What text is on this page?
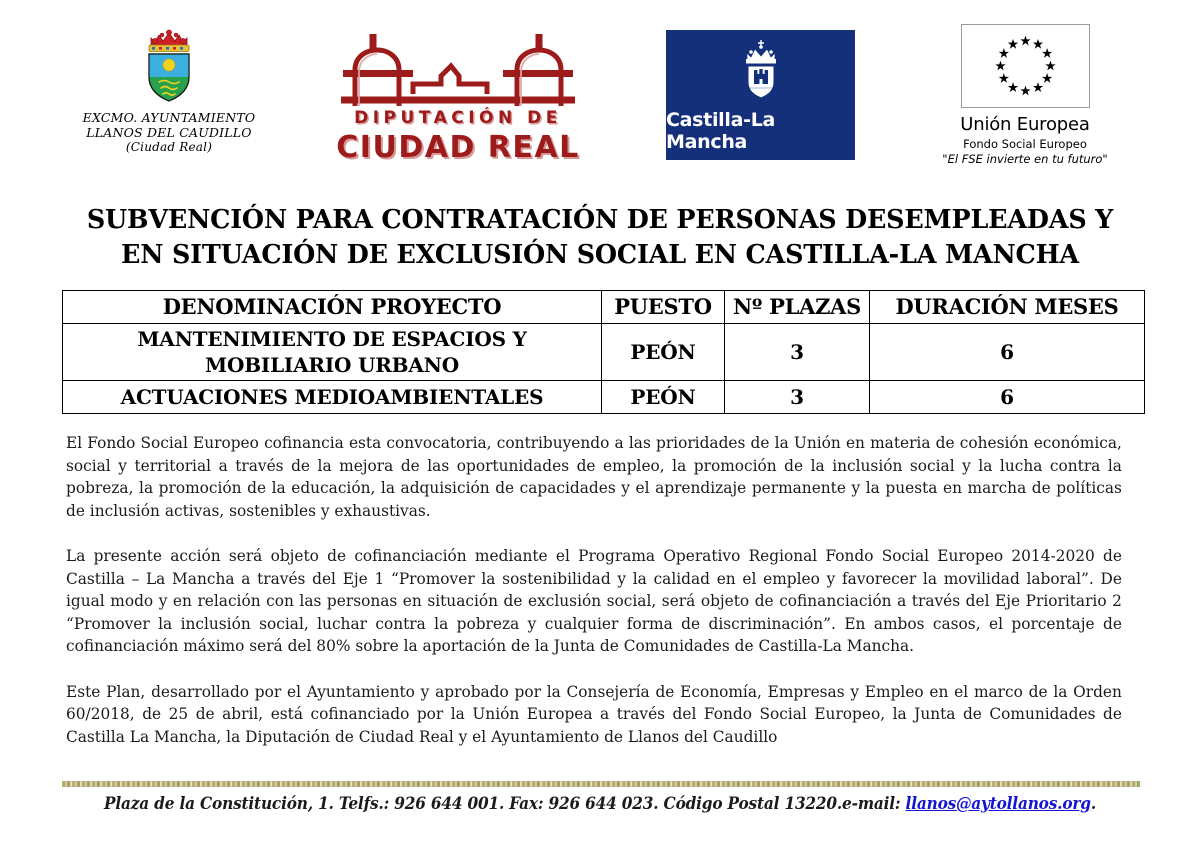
EXCMO. AYUNTAMIENTO
LLANOS DEL CAUDILLO
(Ciudad Real)
DIPUTACIÓN DE
CIUDAD REAL
Castilla-La Mancha
Unión Europea
Fondo Social Europeo
"El FSE invierte en tu futuro"
SUBVENCIÓN PARA CONTRATACIÓN DE PERSONAS DESEMPLEADAS Y
EN SITUACIÓN DE EXCLUSIÓN SOCIAL EN CASTILLA-LA MANCHA
DENOMINACIÓN PROYECTO	PUESTO	Nº PLAZAS	DURACIÓN MESES

MANTENIMIENTO DE ESPACIOS Y
MOBILIARIO URBANO	PEÓN	3	6
ACTUACIONES MEDIOAMBIENTALES	PEÓN	3	6

El Fondo Social Europeo cofinancia esta convocatoria, contribuyendo a las prioridades de la Unión en materia de cohesión económica, social y territorial a través de la mejora de las oportunidades de empleo, la promoción de la inclusión social y la lucha contra la pobreza, la promoción de la educación, la adquisición de capacidades y el aprendizaje permanente y la puesta en marcha de políticas de inclusión activas, sostenibles y exhaustivas.

La presente acción será objeto de cofinanciación mediante el Programa Operativo Regional Fondo Social Europeo 2014-2020 de Castilla – La Mancha a través del Eje 1 “Promover la sostenibilidad y la calidad en el empleo y favorecer la movilidad laboral”. De igual modo y en relación con las personas en situación de exclusión social, será objeto de cofinanciación a través del Eje Prioritario 2 “Promover la inclusión social, luchar contra la pobreza y cualquier forma de discriminación”. En ambos casos, el porcentaje de cofinanciación máximo será del 80% sobre la aportación de la Junta de Comunidades de Castilla-La Mancha.

Este Plan, desarrollado por el Ayuntamiento y aprobado por la Consejería de Economía, Empresas y Empleo en el marco de la Orden 60/2018, de 25 de abril, está cofinanciado por la Unión Europea a través del Fondo Social Europeo, la Junta de Comunidades de Castilla La Mancha, la Diputación de Ciudad Real y el Ayuntamiento de Llanos del Caudillo

Plaza de la Constitución, 1. Telfs.: 926 644 001. Fax: 926 644 023. Código Postal 13220.e-mail: llanos@aytollanos.org.
